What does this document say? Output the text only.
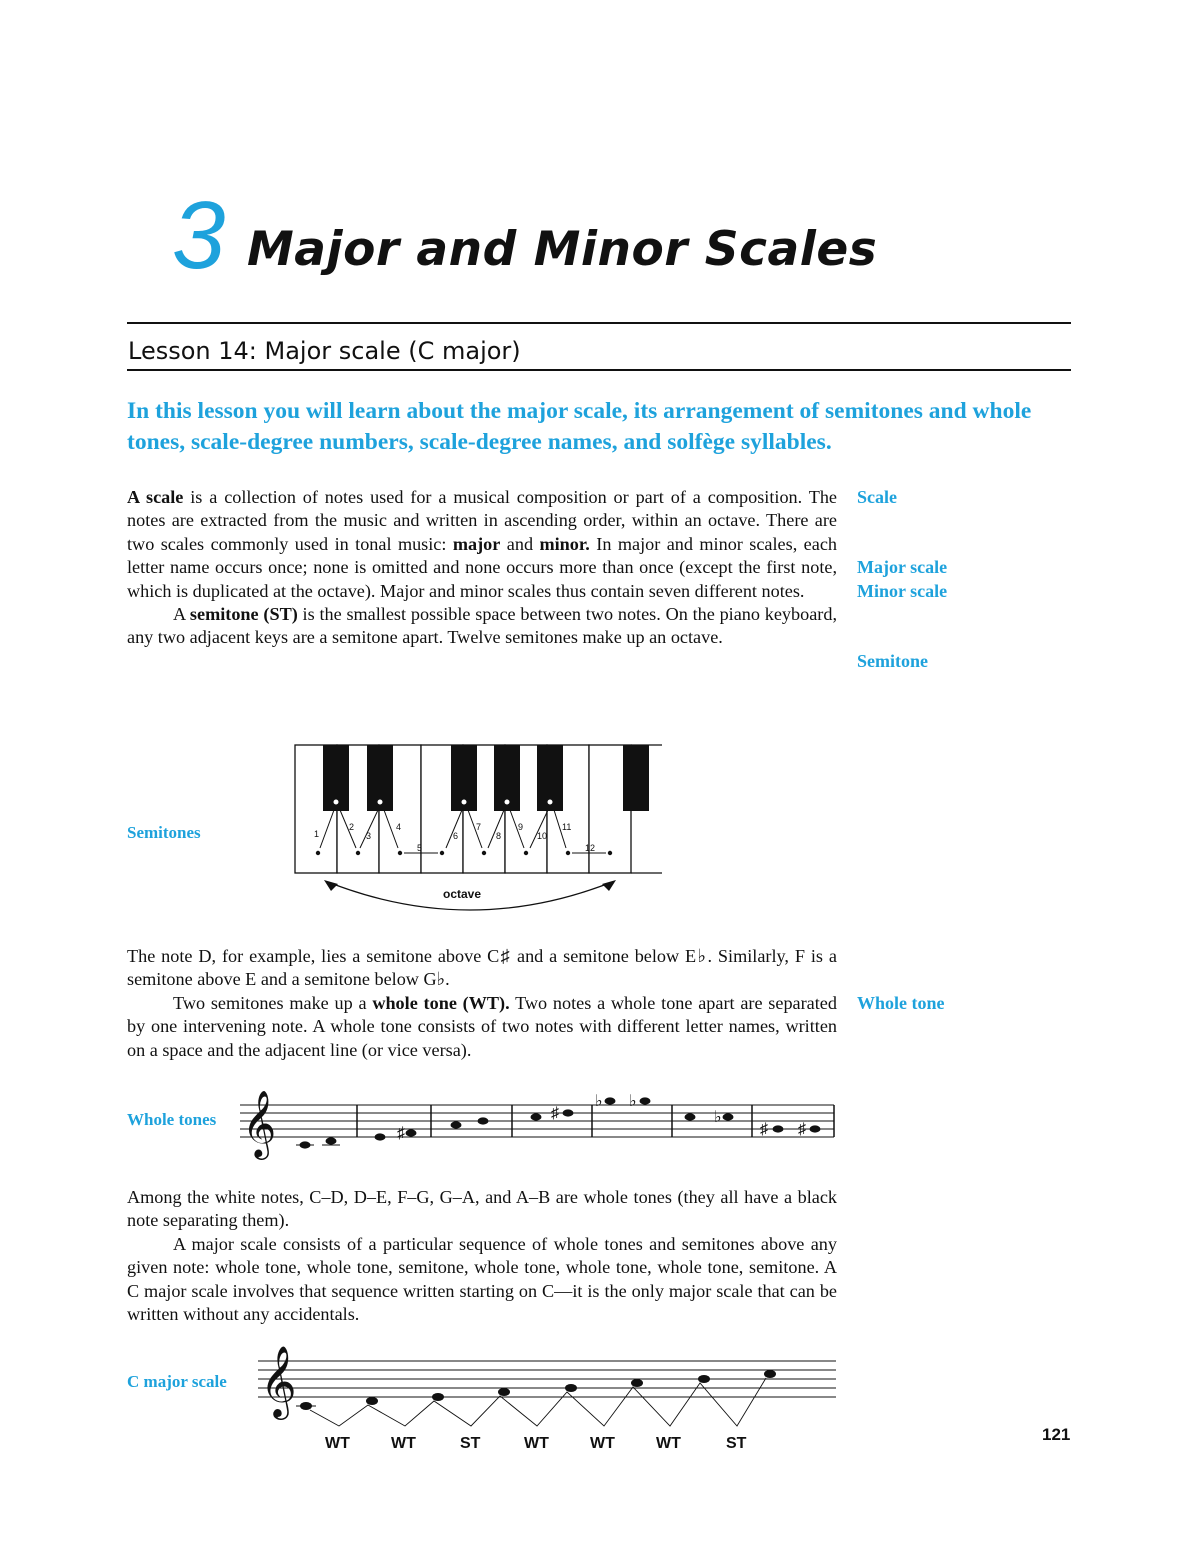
3 Major and Minor Scales
Lesson 14: Major scale (C major)
In this lesson you will learn about the major scale, its arrangement of semitones and whole tones, scale-degree numbers, scale-degree names, and solfège syllables.

A scale is a collection of notes used for a musical composition or part of a composition. The notes are extracted from the music and written in ascending order, within an octave. There are two scales commonly used in tonal music: major and minor. In major and minor scales, each letter name occurs once; none is omitted and none occurs more than once (except the first note, which is duplicated at the octave). Major and minor scales thus contain seven different notes.

A semitone (ST) is the smallest possible space between two notes. On the piano keyboard, any two adjacent keys are a semitone apart. Twelve semitones make up an octave.

Scale
Major scale
Minor scale
Semitone
Semitones	1
2
3
4
5
6
7
8
9
10
11
12
octave

The note D, for example, lies a semitone above C♯ and a semitone below E♭. Similarly, F is a semitone above E and a semitone below G♭.

Two semitones make up a whole tone (WT). Two notes a whole tone apart are separated by one intervening note. A whole tone consists of two notes with different letter names, written on a space and the adjacent line (or vice versa).

Whole tone
Whole tones 𝄞	♯
♯
♭ ♭
♭
♯ ♯

Among the white notes, C–D, D–E, F–G, G–A, and A–B are whole tones (they all have a black note separating them).

A major scale consists of a particular sequence of whole tones and semitones above any given note: whole tone, whole tone, semitone, whole tone, whole tone, whole tone, semitone. A C major scale involves that sequence written starting on C—it is the only major scale that can be written without any accidentals.

C major scale 𝄞
WT	WT	ST	WT	WT	WT	ST	121
